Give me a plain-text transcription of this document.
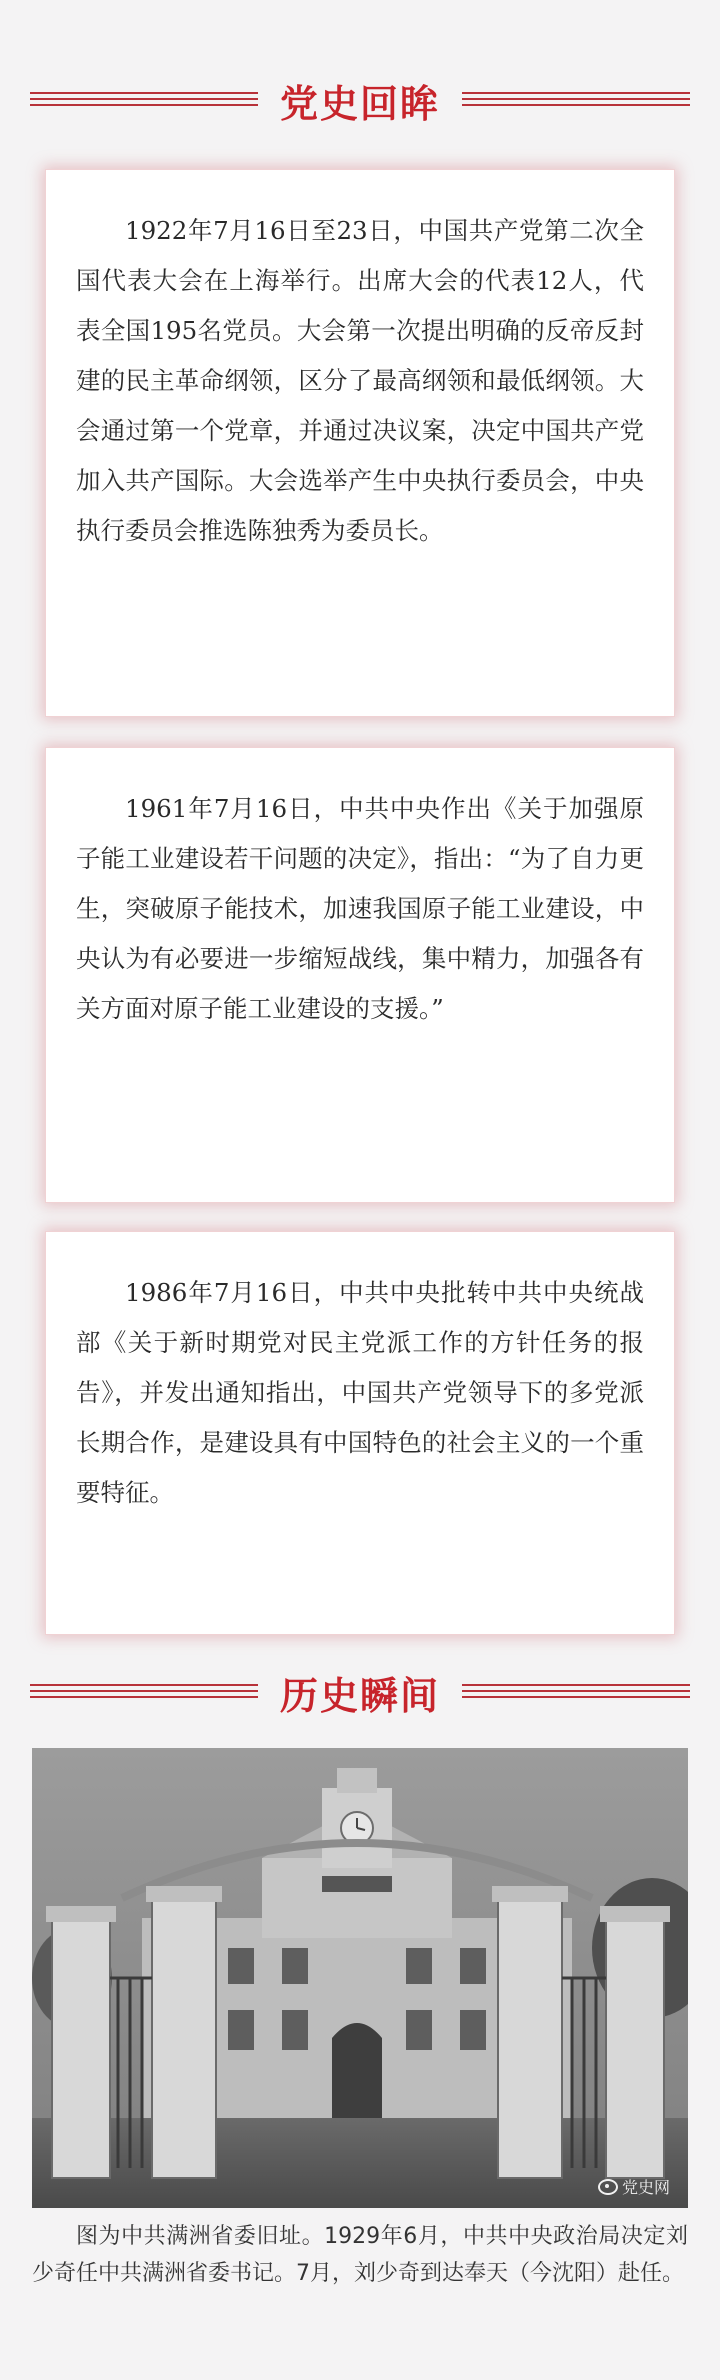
党史回眸

1922年7月16日至23日，中国共产党第二次全国代表大会在上海举行。出席大会的代表12人，代表全国195名党员。大会第一次提出明确的反帝反封建的民主革命纲领，区分了最高纲领和最低纲领。大会通过第一个党章，并通过决议案，决定中国共产党加入共产国际。大会选举产生中央执行委员会，中央执行委员会推选陈独秀为委员长。

1961年7月16日，中共中央作出《关于加强原子能工业建设若干问题的决定》，指出：“为了自力更生，突破原子能技术，加速我国原子能工业建设，中央认为有必要进一步缩短战线，集中精力，加强各有关方面对原子能工业建设的支援。”

1986年7月16日，中共中央批转中共中央统战部《关于新时期党对民主党派工作的方针任务的报告》，并发出通知指出，中国共产党领导下的多党派长期合作，是建设具有中国特色的社会主义的一个重要特征。

历史瞬间
党史网

图为中共满洲省委旧址。1929年6月，中共中央政治局决定刘少奇任中共满洲省委书记。7月，刘少奇到达奉天（今沈阳）赴任。
